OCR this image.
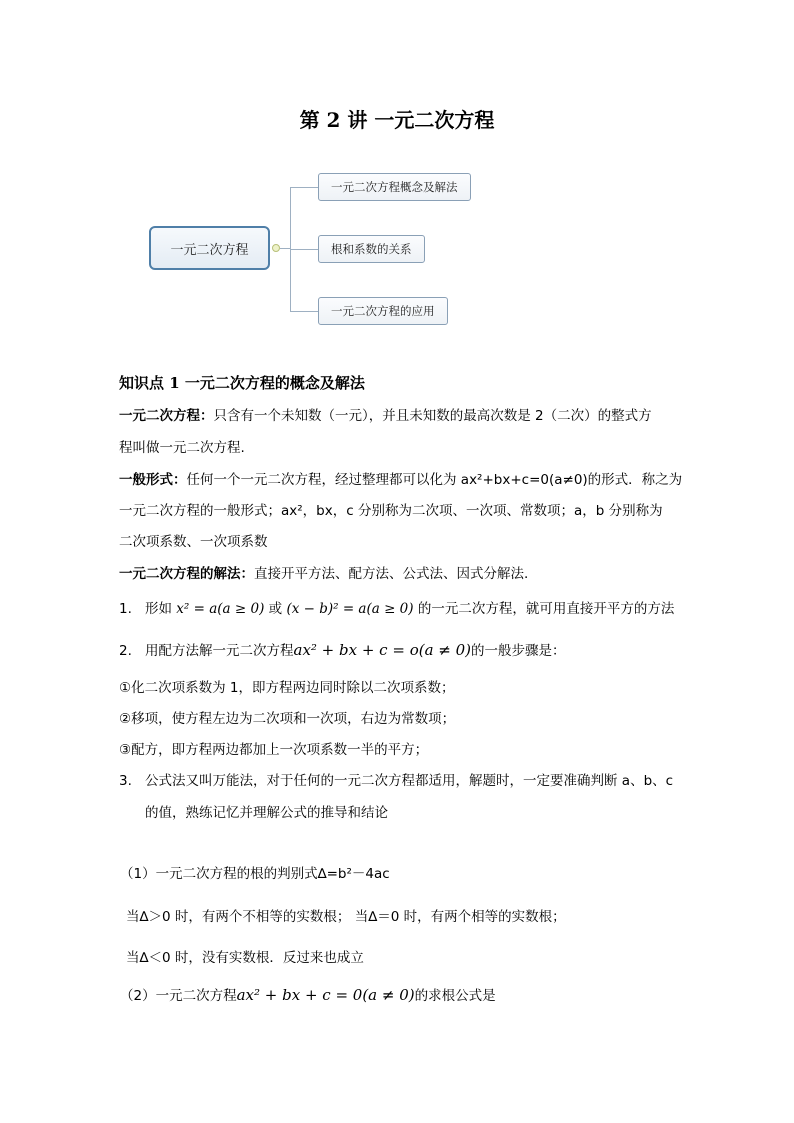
第 2 讲 一元二次方程
一元二次方程
一元二次方程概念及解法
根和系数的关系
一元二次方程的应用
知识点 1 一元二次方程的概念及解法
一元二次方程：只含有一个未知数（一元），并且未知数的最高次数是 2（二次）的整式方
程叫做一元二次方程.
一般形式：任何一个一元二次方程，经过整理都可以化为 ax²+bx+c=0(a≠0)的形式．称之为
一元二次方程的一般形式；ax²，bx，c 分别称为二次项、一次项、常数项；a，b 分别称为
二次项系数、一次项系数
一元二次方程的解法：直接开平方法、配方法、公式法、因式分解法.
1. 形如 x² = a(a ≥ 0) 或 (x − b)² = a(a ≥ 0) 的一元二次方程，就可用直接开平方的方法
2. 用配方法解一元二次方程ax² + bx + c = o(a ≠ 0)的一般步骤是：
①化二次项系数为 1，即方程两边同时除以二次项系数；
②移项，使方程左边为二次项和一次项，右边为常数项；
③配方，即方程两边都加上一次项系数一半的平方；
3. 公式法又叫万能法，对于任何的一元二次方程都适用，解题时，一定要准确判断 a、b、c
的值，熟练记忆并理解公式的推导和结论
（1）一元二次方程的根的判别式∆=b²－4ac
当∆＞0 时，有两个不相等的实数根； 当∆＝0 时，有两个相等的实数根；
当∆＜0 时，没有实数根．反过来也成立
（2）一元二次方程ax² + bx + c = 0(a ≠ 0)的求根公式是
